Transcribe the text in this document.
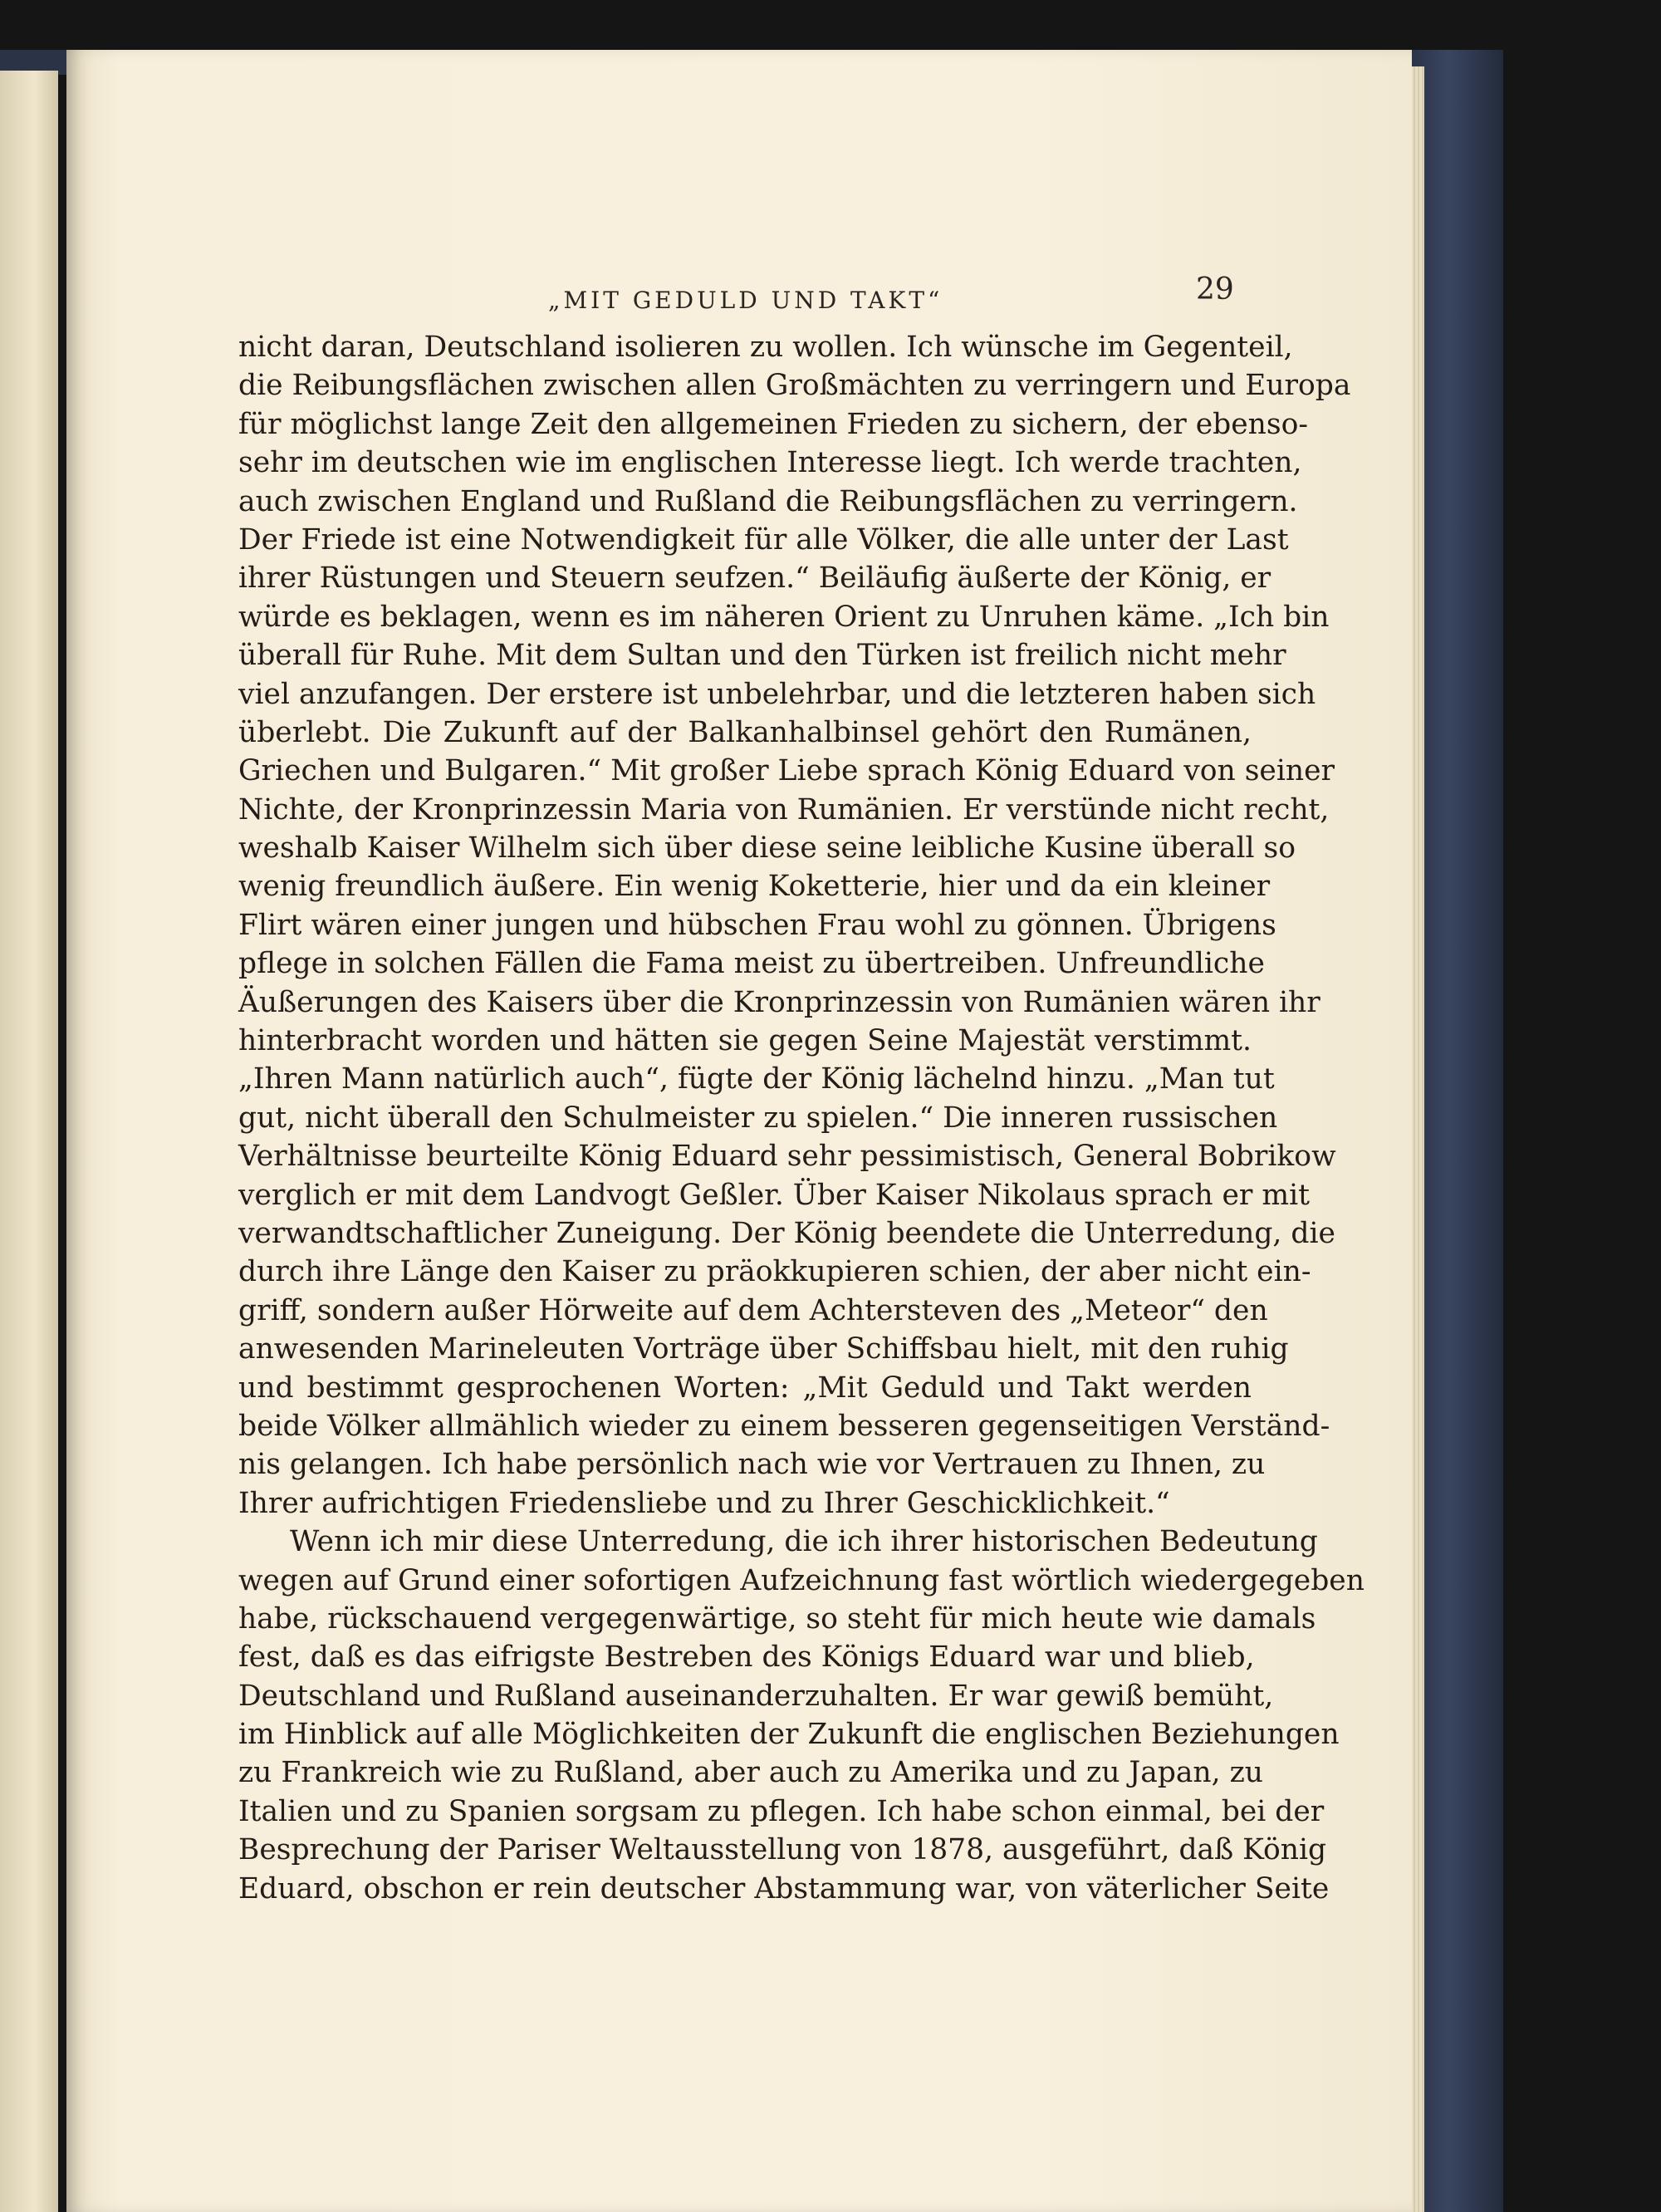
„MIT GEDULD UND TAKT“	29
nicht daran, Deutschland isolieren zu wollen. Ich wünsche im Gegenteil,
die Reibungsflächen zwischen allen Großmächten zu verringern und Europa
für möglichst lange Zeit den allgemeinen Frieden zu sichern, der ebenso-
sehr im deutschen wie im englischen Interesse liegt. Ich werde trachten,
auch zwischen England und Rußland die Reibungsflächen zu verringern.
Der Friede ist eine Notwendigkeit für alle Völker, die alle unter der Last
ihrer Rüstungen und Steuern seufzen.“ Beiläufig äußerte der König, er
würde es beklagen, wenn es im näheren Orient zu Unruhen käme. „Ich bin
überall für Ruhe. Mit dem Sultan und den Türken ist freilich nicht mehr
viel anzufangen. Der erstere ist unbelehrbar, und die letzteren haben sich
überlebt. Die Zukunft auf der Balkanhalbinsel gehört den Rumänen,
Griechen und Bulgaren.“ Mit großer Liebe sprach König Eduard von seiner
Nichte, der Kronprinzessin Maria von Rumänien. Er verstünde nicht recht,
weshalb Kaiser Wilhelm sich über diese seine leibliche Kusine überall so
wenig freundlich äußere. Ein wenig Koketterie, hier und da ein kleiner
Flirt wären einer jungen und hübschen Frau wohl zu gönnen. Übrigens
pflege in solchen Fällen die Fama meist zu übertreiben. Unfreundliche
Äußerungen des Kaisers über die Kronprinzessin von Rumänien wären ihr
hinterbracht worden und hätten sie gegen Seine Majestät verstimmt.
„Ihren Mann natürlich auch“, fügte der König lächelnd hinzu. „Man tut
gut, nicht überall den Schulmeister zu spielen.“ Die inneren russischen
Verhältnisse beurteilte König Eduard sehr pessimistisch, General Bobrikow
verglich er mit dem Landvogt Geßler. Über Kaiser Nikolaus sprach er mit
verwandtschaftlicher Zuneigung. Der König beendete die Unterredung, die
durch ihre Länge den Kaiser zu präokkupieren schien, der aber nicht ein-
griff, sondern außer Hörweite auf dem Achtersteven des „Meteor“ den
anwesenden Marineleuten Vorträge über Schiffsbau hielt, mit den ruhig
und bestimmt gesprochenen Worten: „Mit Geduld und Takt werden
beide Völker allmählich wieder zu einem besseren gegenseitigen Verständ-
nis gelangen. Ich habe persönlich nach wie vor Vertrauen zu Ihnen, zu
Ihrer aufrichtigen Friedensliebe und zu Ihrer Geschicklichkeit.“
Wenn ich mir diese Unterredung, die ich ihrer historischen Bedeutung
wegen auf Grund einer sofortigen Aufzeichnung fast wörtlich wiedergegeben
habe, rückschauend vergegenwärtige, so steht für mich heute wie damals
fest, daß es das eifrigste Bestreben des Königs Eduard war und blieb,
Deutschland und Rußland auseinanderzuhalten. Er war gewiß bemüht,
im Hinblick auf alle Möglichkeiten der Zukunft die englischen Beziehungen
zu Frankreich wie zu Rußland, aber auch zu Amerika und zu Japan, zu
Italien und zu Spanien sorgsam zu pflegen. Ich habe schon einmal, bei der
Besprechung der Pariser Weltausstellung von 1878, ausgeführt, daß König
Eduard, obschon er rein deutscher Abstammung war, von väterlicher Seite
